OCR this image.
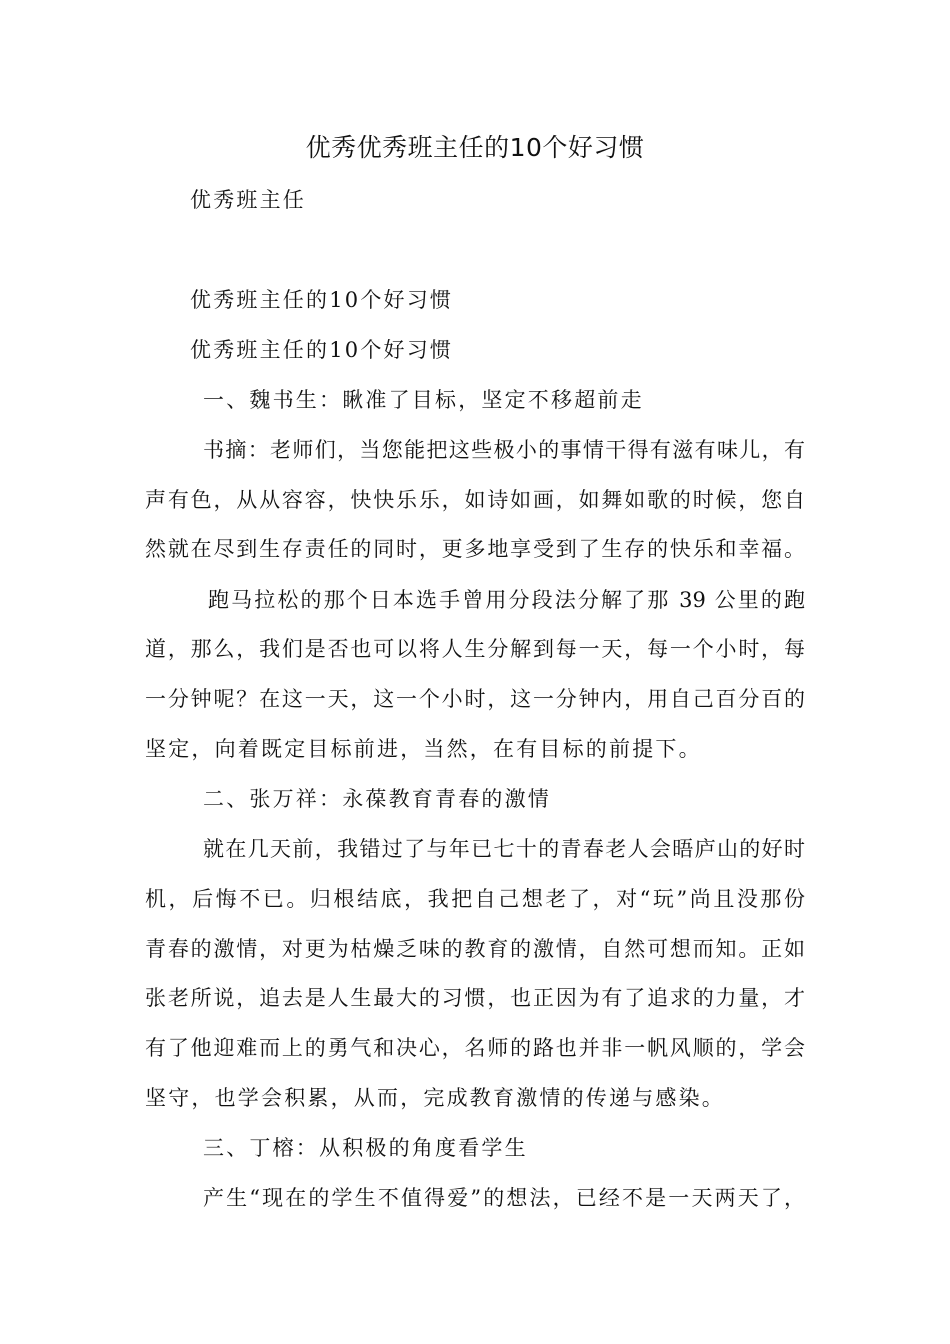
优秀优秀班主任的10个好习惯
优秀班主任
优秀班主任的10个好习惯
优秀班主任的10个好习惯
一、魏书生：瞅准了目标，坚定不移超前走
书摘：老师们，当您能把这些极小的事情干得有滋有味儿，有
声有色，从从容容，快快乐乐，如诗如画，如舞如歌的时候，您自
然就在尽到生存责任的同时，更多地享受到了生存的快乐和幸福。
跑马拉松的那个日本选手曾用分段法分解了那 39 公里的跑
道，那么，我们是否也可以将人生分解到每一天，每一个小时，每
一分钟呢？在这一天，这一个小时，这一分钟内，用自己百分百的
坚定，向着既定目标前进，当然，在有目标的前提下。
二、张万祥：永葆教育青春的激情
就在几天前，我错过了与年已七十的青春老人会晤庐山的好时
机，后悔不已。归根结底，我把自己想老了，对“玩”尚且没那份
青春的激情，对更为枯燥乏味的教育的激情，自然可想而知。正如
张老所说，追去是人生最大的习惯，也正因为有了追求的力量，才
有了他迎难而上的勇气和决心，名师的路也并非一帆风顺的，学会
坚守，也学会积累，从而，完成教育激情的传递与感染。
三、丁榕：从积极的角度看学生
产生“现在的学生不值得爱”的想法，已经不是一天两天了，
